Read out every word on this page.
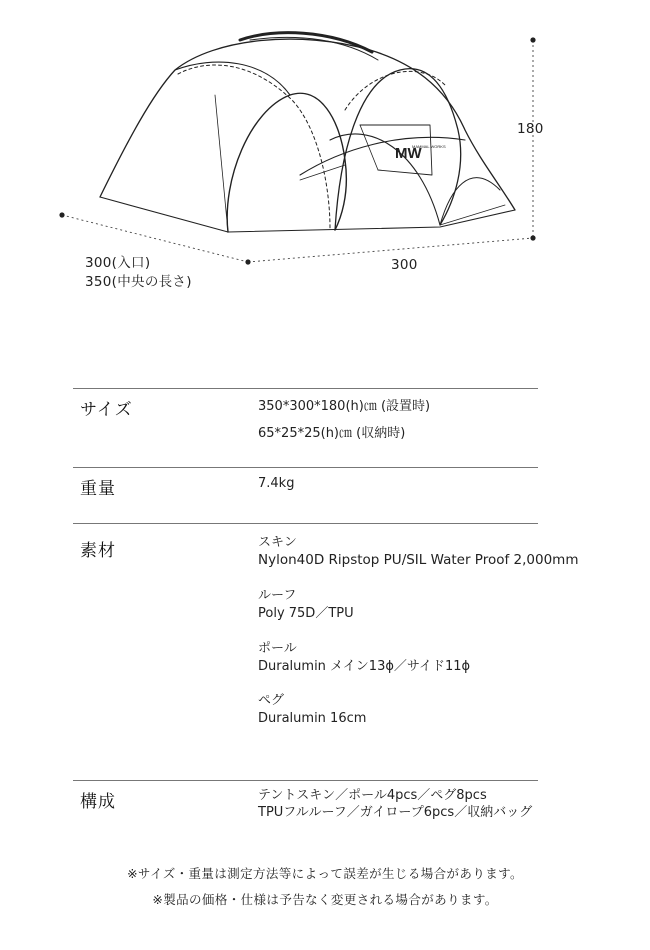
MW
MAMMAL WORKS
180
300
300(入口)
350(中央の長さ)
サイズ	350*300*180(h)㎝ (設置時)
65*25*25(h)㎝ (収納時)
重量	7.4kg
素材	スキン
Nylon40D Ripstop PU/SIL Water Proof 2,000mm
ルーフ
Poly 75D／TPU
ポール
Duralumin メイン13ϕ／サイド11ϕ
ペグ
Duralumin 16cm
構成	テントスキン／ポール4pcs／ペグ8pcs
TPUフルルーフ／ガイロープ6pcs／収納バッグ
※サイズ・重量は測定方法等によって誤差が生じる場合があります。
※製品の価格・仕様は予告なく変更される場合があります。
